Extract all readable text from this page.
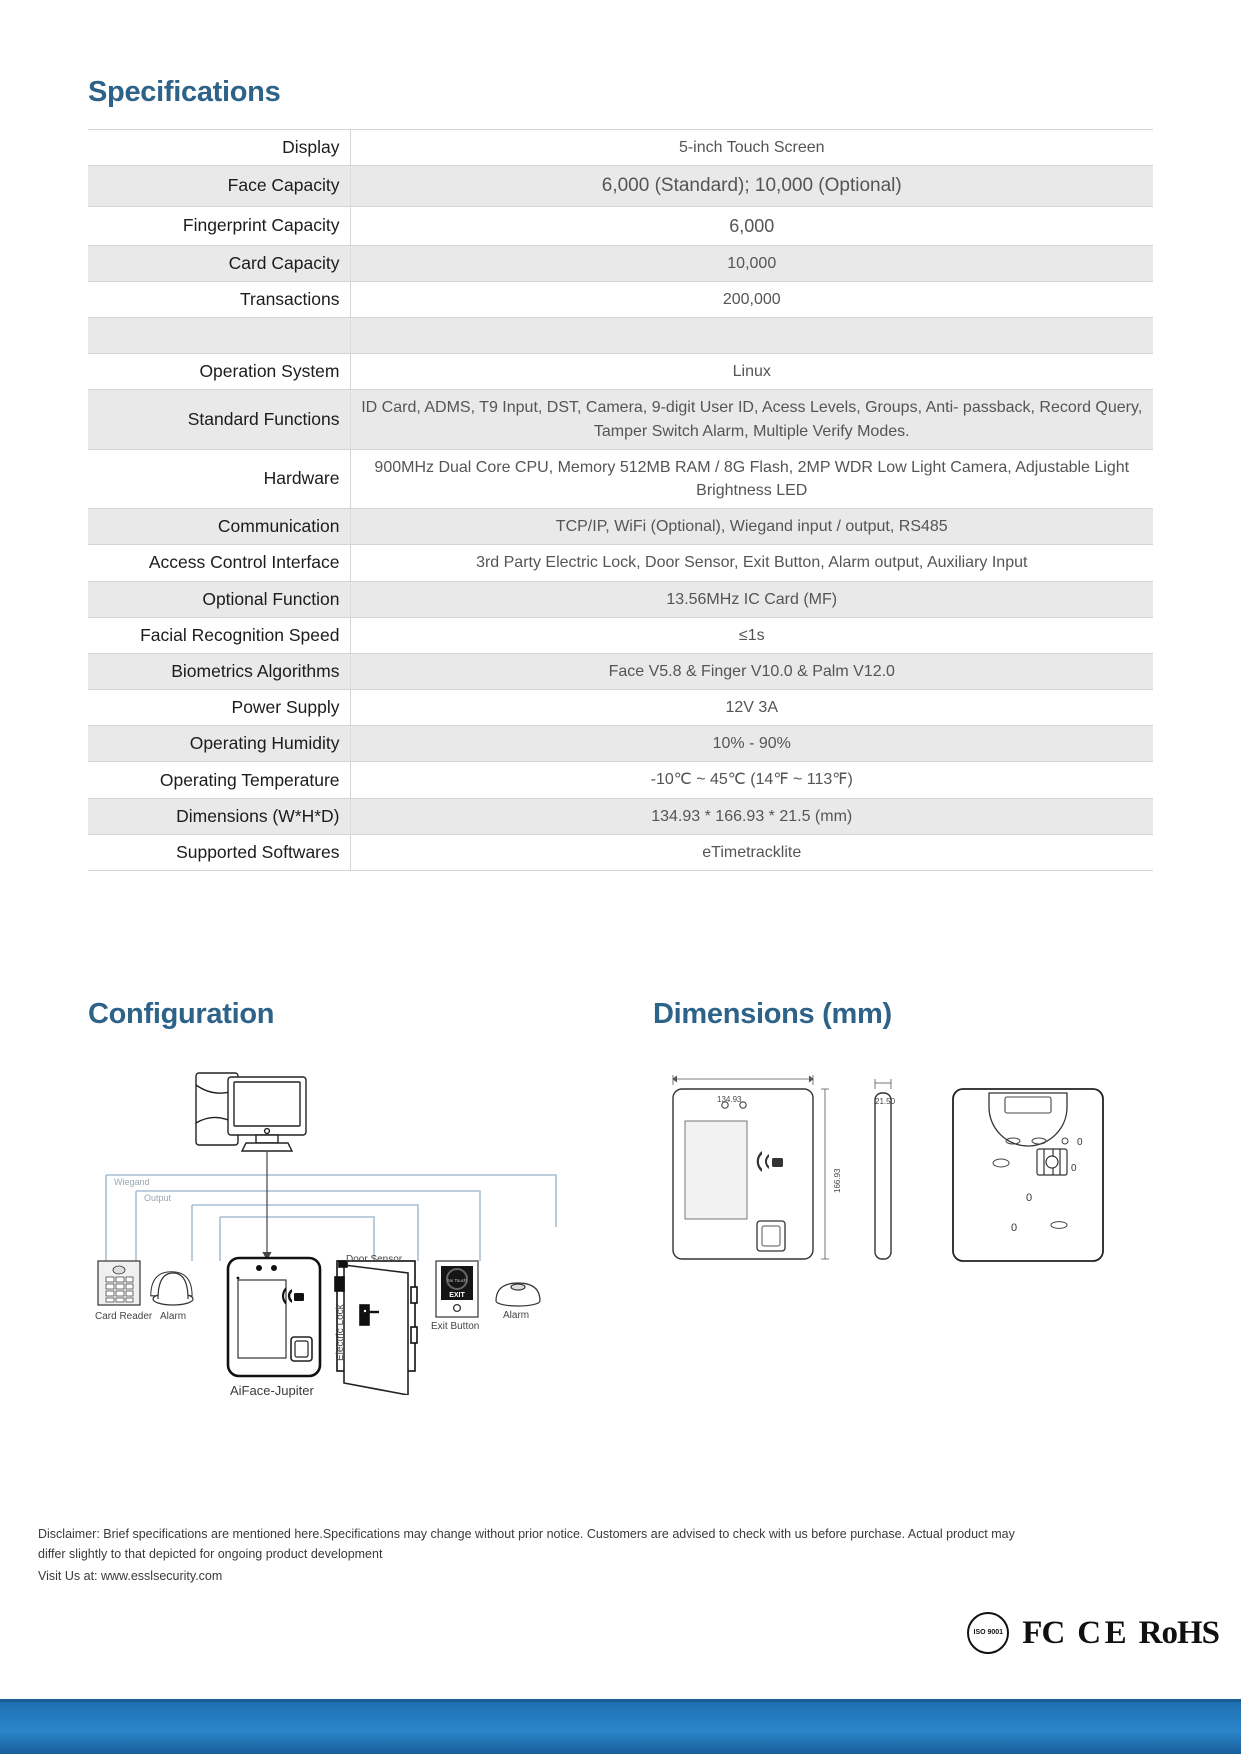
Specifications
Display	5-inch Touch Screen
Face Capacity	6,000 (Standard); 10,000 (Optional)
Fingerprint Capacity	6,000
Card Capacity	10,000
Transactions	200,000

Operation System	Linux
Standard Functions	ID Card, ADMS, T9 Input, DST, Camera, 9-digit User ID, Acess Levels, Groups, Anti- passback, Record Query, Tamper Switch Alarm, Multiple Verify Modes.
Hardware	900MHz Dual Core CPU, Memory 512MB RAM / 8G Flash, 2MP WDR Low Light Camera, Adjustable Light Brightness LED
Communication	TCP/IP, WiFi (Optional), Wiegand input / output, RS485
Access Control Interface	3rd Party Electric Lock, Door Sensor, Exit Button, Alarm output, Auxiliary Input
Optional Function	13.56MHz IC Card (MF)
Facial Recognition Speed	≤1s
Biometrics Algorithms	Face V5.8 & Finger V10.0 & Palm V12.0
Power Supply	12V 3A
Operating Humidity	10% - 90%
Operating Temperature	-10℃ ~ 45℃ (14℉ ~ 113℉)
Dimensions (W*H*D)	134.93 * 166.93 * 21.5 (mm)
Supported Softwares	eTimetracklite
Configuration
No Touch
EXIT
Wiegand
Output
Door Sensor
Card Reader Alarm
AiFace-Jupiter
Electric Lock	Exit Button
Alarm
Dimensions (mm)
0
0
0
0
134.93
166.93
21.50
Disclaimer: Brief specifications are mentioned here.Specifications may change without prior notice. Customers are advised to check with us before purchase. Actual product may
differ slightly to that depicted for ongoing product development
Visit Us at: www.esslsecurity.com
ISO 9001 FC C E RoHS
